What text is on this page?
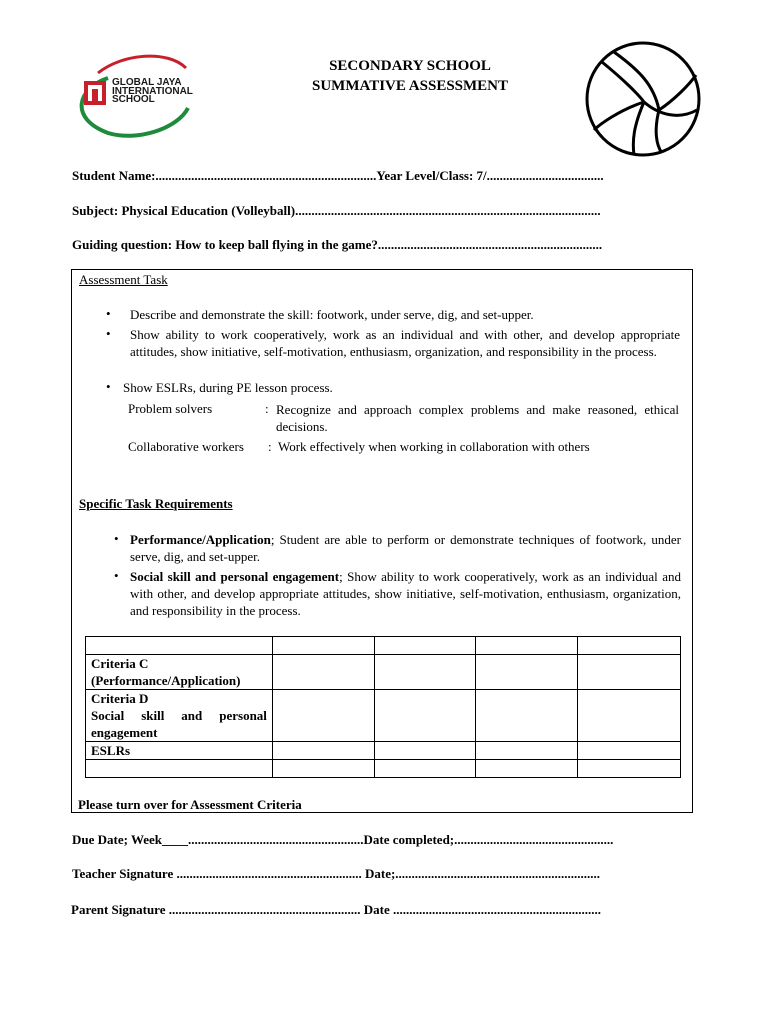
GLOBAL JAYA
INTERNATIONAL
SCHOOL
SECONDARY SCHOOL
SUMMATIVE ASSESSMENT
Student Name:....................................................................Year Level/Class: 7/....................................
Subject: Physical Education (Volleyball)..............................................................................................
Guiding question: How to keep ball flying in the game?.....................................................................
Assessment Task
• Describe and demonstrate the skill: footwork, under serve, dig, and set-upper.
• Show ability to work cooperatively, work as an individual and with other, and develop appropriate attitudes, show initiative, self-motivation, enthusiasm, organization, and responsibility in the process.
• Show ESLRs, during PE lesson process.
Problem solvers	: Recognize and approach complex problems and make reasoned, ethical decisions.
Collaborative workers : Work effectively when working in collaboration with others
Specific Task Requirements
• Performance/Application; Student are able to perform or demonstrate techniques of footwork, under serve, dig, and set-upper.
• Social skill and personal engagement; Show ability to work cooperatively, work as an individual and with other, and develop appropriate attitudes, show initiative, self-motivation, enthusiasm, organization, and responsibility in the process.

Criteria C
(Performance/Application)				

Criteria D
Social skill and personal engagement				

ESLRs				

Please turn over for Assessment Criteria
Due Date; Week____......................................................Date completed;.................................................
Teacher Signature ......................................................... Date;...............................................................
Parent Signature ........................................................... Date ................................................................
